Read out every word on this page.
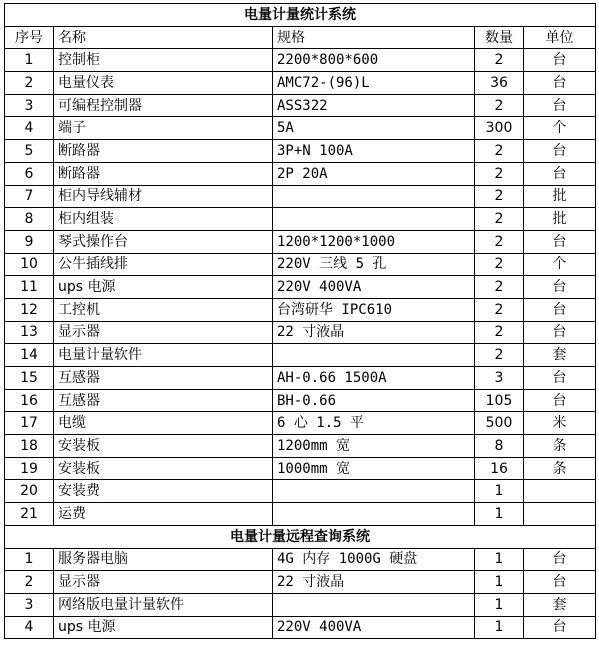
电量计量统计系统				
序号	名称	规格	数量	单位
1	控制柜	2200*800*600	2	台
2	电量仪表	AMC72-(96)L	36	台
3	可编程控制器	ASS322	2	台
4	端子	5A	300	个
5	断路器	3P+N 100A	2	台
6	断路器	2P 20A	2	台
7	柜内导线辅材		2	批
8	柜内组装		2	批
9	琴式操作台	1200*1200*1000	2	台
10	公牛插线排	220V 三线 5 孔	2	个
11	ups 电源	220V 400VA	2	台
12	工控机	台湾研华 IPC610	2	台
13	显示器	22 寸液晶	2	台
14	电量计量软件		2	套
15	互感器	AH-0.66 1500A	3	台
16	互感器	BH-0.66	105	台
17	电缆	6 心 1.5 平	500	米
18	安装板	1200mm 宽	8	条
19	安装板	1000mm 宽	16	条
20	安装费		1	
21	运费		1	
电量计量远程查询系统				
1	服务器电脑	4G 内存 1000G 硬盘	1	台
2	显示器	22 寸液晶	1	台
3	网络版电量计量软件		1	套
4	ups 电源	220V 400VA	1	台
